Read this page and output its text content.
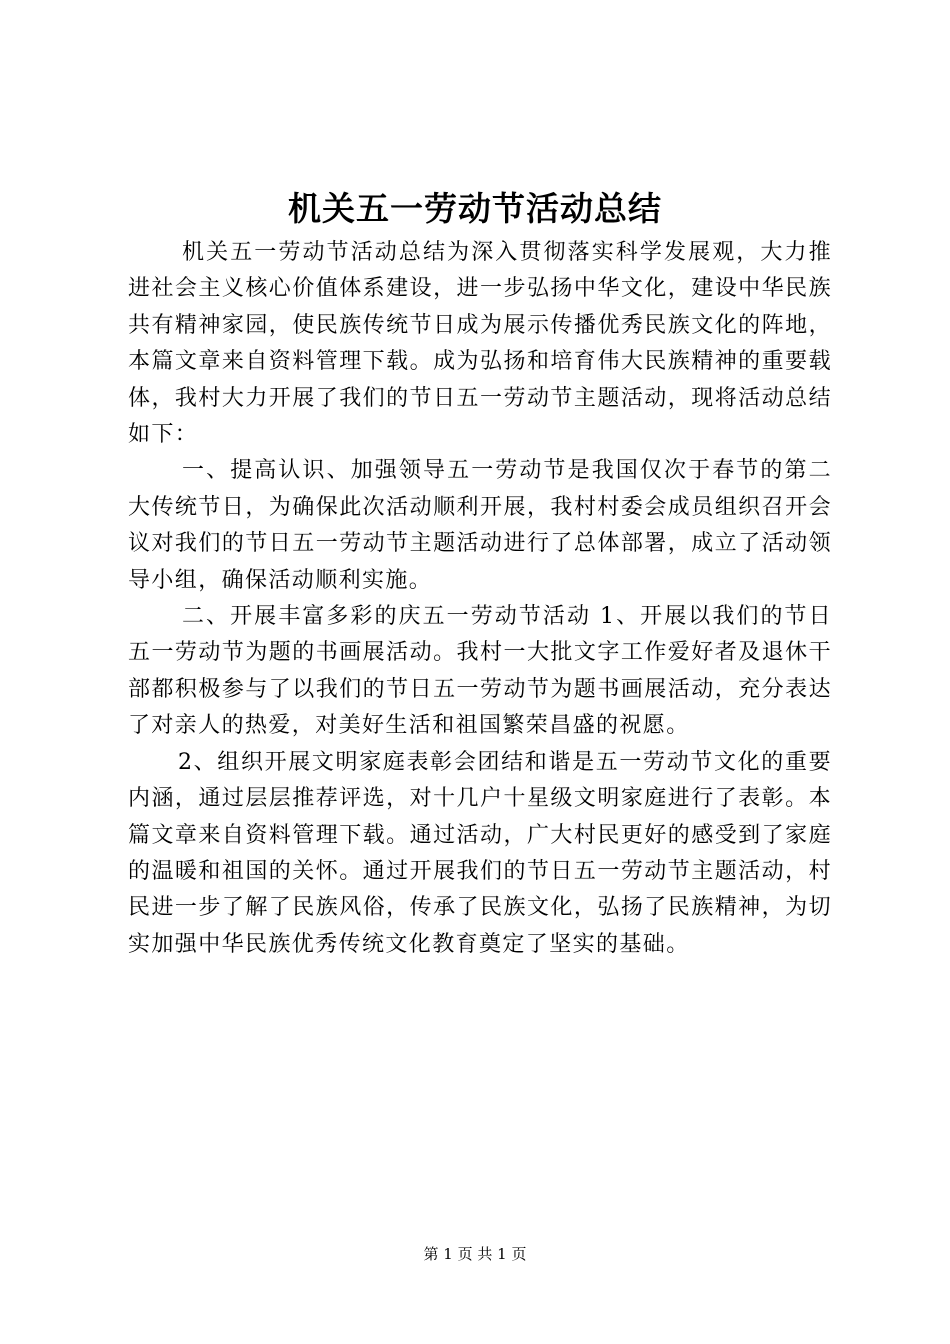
机关五一劳动节活动总结

机关五一劳动节活动总结为深入贯彻落实科学发展观，大力推进社会主义核心价值体系建设，进一步弘扬中华文化，建设中华民族共有精神家园，使民族传统节日成为展示传播优秀民族文化的阵地，本篇文章来自资料管理下载。成为弘扬和培育伟大民族精神的重要载体，我村大力开展了我们的节日五一劳动节主题活动，现将活动总结如下：

一、提高认识、加强领导五一劳动节是我国仅次于春节的第二大传统节日，为确保此次活动顺利开展，我村村委会成员组织召开会议对我们的节日五一劳动节主题活动进行了总体部署，成立了活动领导小组，确保活动顺利实施。

二、开展丰富多彩的庆五一劳动节活动 1、开展以我们的节日五一劳动节为题的书画展活动。我村一大批文字工作爱好者及退休干部都积极参与了以我们的节日五一劳动节为题书画展活动，充分表达了对亲人的热爱，对美好生活和祖国繁荣昌盛的祝愿。

2、组织开展文明家庭表彰会团结和谐是五一劳动节文化的重要内涵，通过层层推荐评选，对十几户十星级文明家庭进行了表彰。本篇文章来自资料管理下载。通过活动，广大村民更好的感受到了家庭的温暖和祖国的关怀。通过开展我们的节日五一劳动节主题活动，村民进一步了解了民族风俗，传承了民族文化，弘扬了民族精神，为切实加强中华民族优秀传统文化教育奠定了坚实的基础。

第 1 页 共 1 页
